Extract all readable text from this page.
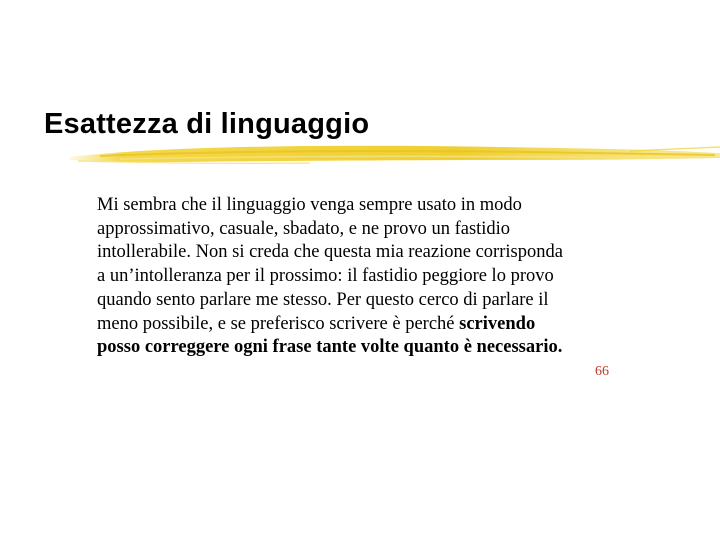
Esattezza di linguaggio
Mi sembra che il linguaggio venga sempre usato in modo
approssimativo, casuale, sbadato, e ne provo un fastidio
intollerabile. Non si creda che questa mia reazione corrisponda
a un’intolleranza per il prossimo: il fastidio peggiore lo provo
quando sento parlare me stesso. Per questo cerco di parlare il
meno possibile, e se preferisco scrivere è perché scrivendo
posso correggere ogni frase tante volte quanto è necessario.
66
